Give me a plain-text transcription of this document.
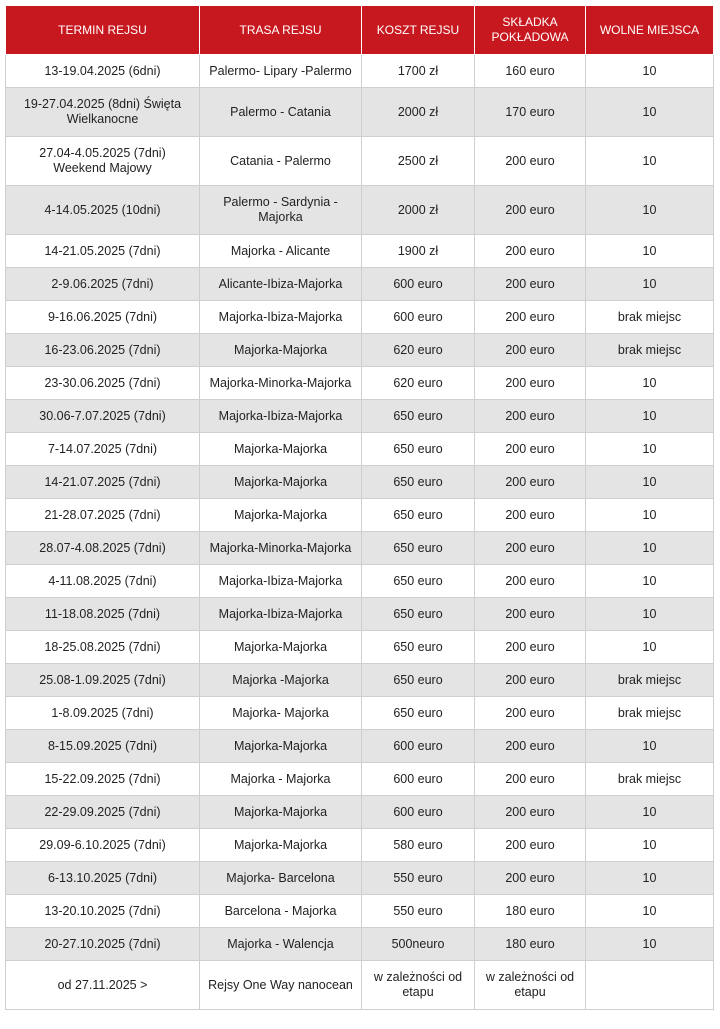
TERMIN REJSU	TRASA REJSU	KOSZT REJSU	SKŁADKA POKŁADOWA	WOLNE MIEJSCA
13-19.04.2025 (6dni)	Palermo- Lipary -Palermo	1700 zł	160 euro	10
19-27.04.2025 (8dni) Święta Wielkanocne	Palermo - Catania	2000 zł	170 euro	10
27.04-4.05.2025 (7dni) Weekend Majowy	Catania - Palermo	2500 zł	200 euro	10
4-14.05.2025 (10dni)	Palermo - Sardynia - Majorka	2000 zł	200 euro	10
14-21.05.2025 (7dni)	Majorka - Alicante	1900 zł	200 euro	10
2-9.06.2025 (7dni)	Alicante-Ibiza-Majorka	600 euro	200 euro	10
9-16.06.2025 (7dni)	Majorka-Ibiza-Majorka	600 euro	200 euro	brak miejsc
16-23.06.2025 (7dni)	Majorka-Majorka	620 euro	200 euro	brak miejsc
23-30.06.2025 (7dni)	Majorka-Minorka-Majorka	620 euro	200 euro	10
30.06-7.07.2025 (7dni)	Majorka-Ibiza-Majorka	650 euro	200 euro	10
7-14.07.2025 (7dni)	Majorka-Majorka	650 euro	200 euro	10
14-21.07.2025 (7dni)	Majorka-Majorka	650 euro	200 euro	10
21-28.07.2025 (7dni)	Majorka-Majorka	650 euro	200 euro	10
28.07-4.08.2025 (7dni)	Majorka-Minorka-Majorka	650 euro	200 euro	10
4-11.08.2025 (7dni)	Majorka-Ibiza-Majorka	650 euro	200 euro	10
11-18.08.2025 (7dni)	Majorka-Ibiza-Majorka	650 euro	200 euro	10
18-25.08.2025 (7dni)	Majorka-Majorka	650 euro	200 euro	10
25.08-1.09.2025 (7dni)	Majorka -Majorka	650 euro	200 euro	brak miejsc
1-8.09.2025 (7dni)	Majorka- Majorka	650 euro	200 euro	brak miejsc
8-15.09.2025 (7dni)	Majorka-Majorka	600 euro	200 euro	10
15-22.09.2025 (7dni)	Majorka - Majorka	600 euro	200 euro	brak miejsc
22-29.09.2025 (7dni)	Majorka-Majorka	600 euro	200 euro	10
29.09-6.10.2025 (7dni)	Majorka-Majorka	580 euro	200 euro	10
6-13.10.2025 (7dni)	Majorka- Barcelona	550 euro	200 euro	10
13-20.10.2025 (7dni)	Barcelona - Majorka	550 euro	180 euro	10
20-27.10.2025 (7dni)	Majorka - Walencja	500neuro	180 euro	10
od 27.11.2025 >	Rejsy One Way nanocean	w zależności od etapu	w zależności od etapu	
